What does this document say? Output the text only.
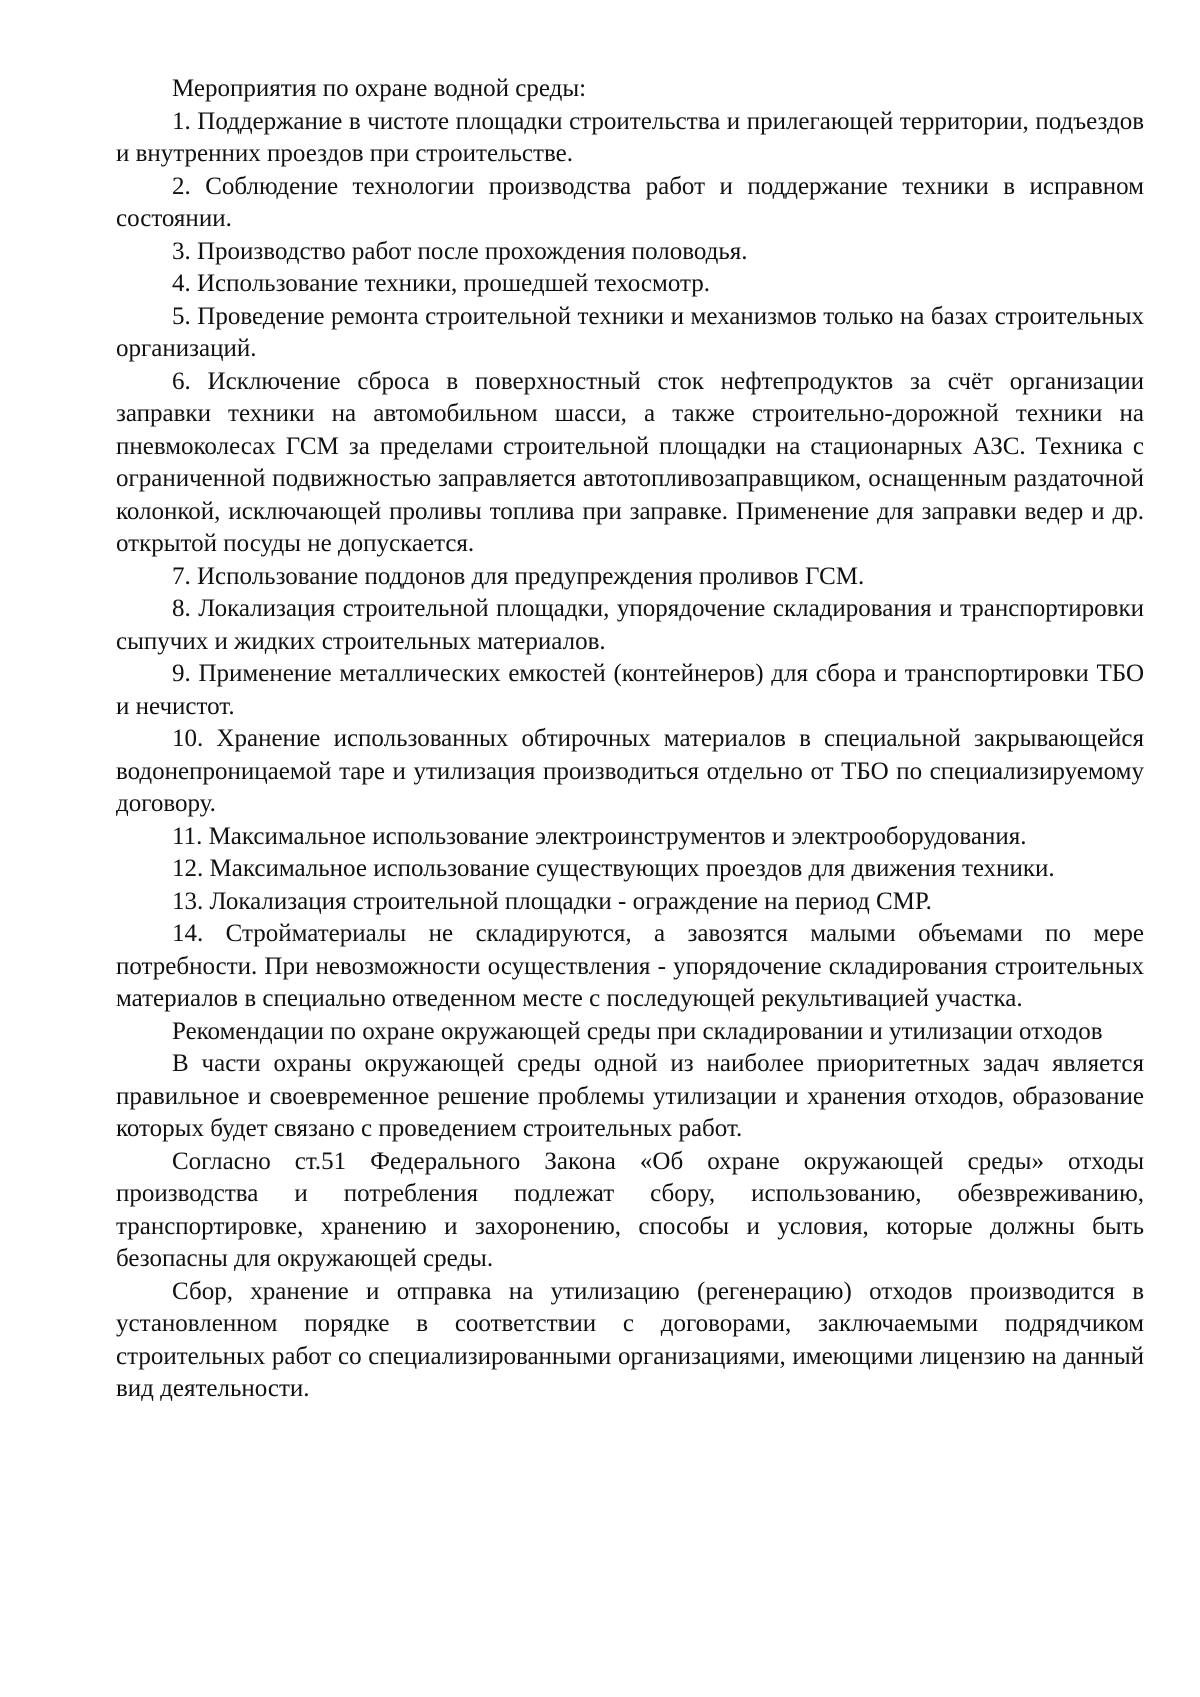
Мероприятия по охране водной среды:

1. Поддержание в чистоте площадки строительства и прилегающей территории, подъездов и внутренних проездов при строительстве.

2. Соблюдение технологии производства работ и поддержание техники в исправном состоянии.

3. Производство работ после прохождения половодья.

4. Использование техники, прошедшей техосмотр.

5. Проведение ремонта строительной техники и механизмов только на базах строительных организаций.

6. Исключение сброса в поверхностный сток нефтепродуктов за счёт организации заправки техники на автомобильном шасси, а также строительно-дорожной техники на пневмоколесах ГСМ за пределами строительной площадки на стационарных АЗС. Техника с ограниченной подвижностью заправляется автотопливозаправщиком, оснащенным раздаточной колонкой, исключающей проливы топлива при заправке. Применение для заправки ведер и др. открытой посуды не допускается.

7. Использование поддонов для предупреждения проливов ГСМ.

8. Локализация строительной площадки, упорядочение складирования и транспортировки сыпучих и жидких строительных материалов.

9. Применение металлических емкостей (контейнеров) для сбора и транспортировки ТБО и нечистот.

10. Хранение использованных обтирочных материалов в специальной закрывающейся водонепроницаемой таре и утилизация производиться отдельно от ТБО по специализируемому договору.

11. Максимальное использование электроинструментов и электрооборудования.

12. Максимальное использование существующих проездов для движения техники.

13. Локализация строительной площадки - ограждение на период СМР.

14. Стройматериалы не складируются, а завозятся малыми объемами по мере потребности. При невозможности осуществления - упорядочение складирования строительных материалов в специально отведенном месте с последующей рекультивацией участка.

Рекомендации по охране окружающей среды при складировании и утилизации отходов

В части охраны окружающей среды одной из наиболее приоритетных задач является правильное и своевременное решение проблемы утилизации и хранения отходов, образование которых будет связано с проведением строительных работ.

Согласно ст.51 Федерального Закона «Об охране окружающей среды» отходы производства и потребления подлежат сбору, использованию, обезвреживанию, транспортировке, хранению и захоронению, способы и условия, которые должны быть безопасны для окружающей среды.

Сбор, хранение и отправка на утилизацию (регенерацию) отходов производится в установленном порядке в соответствии с договорами, заключаемыми подрядчиком строительных работ со специализированными организациями, имеющими лицензию на данный вид деятельности.
